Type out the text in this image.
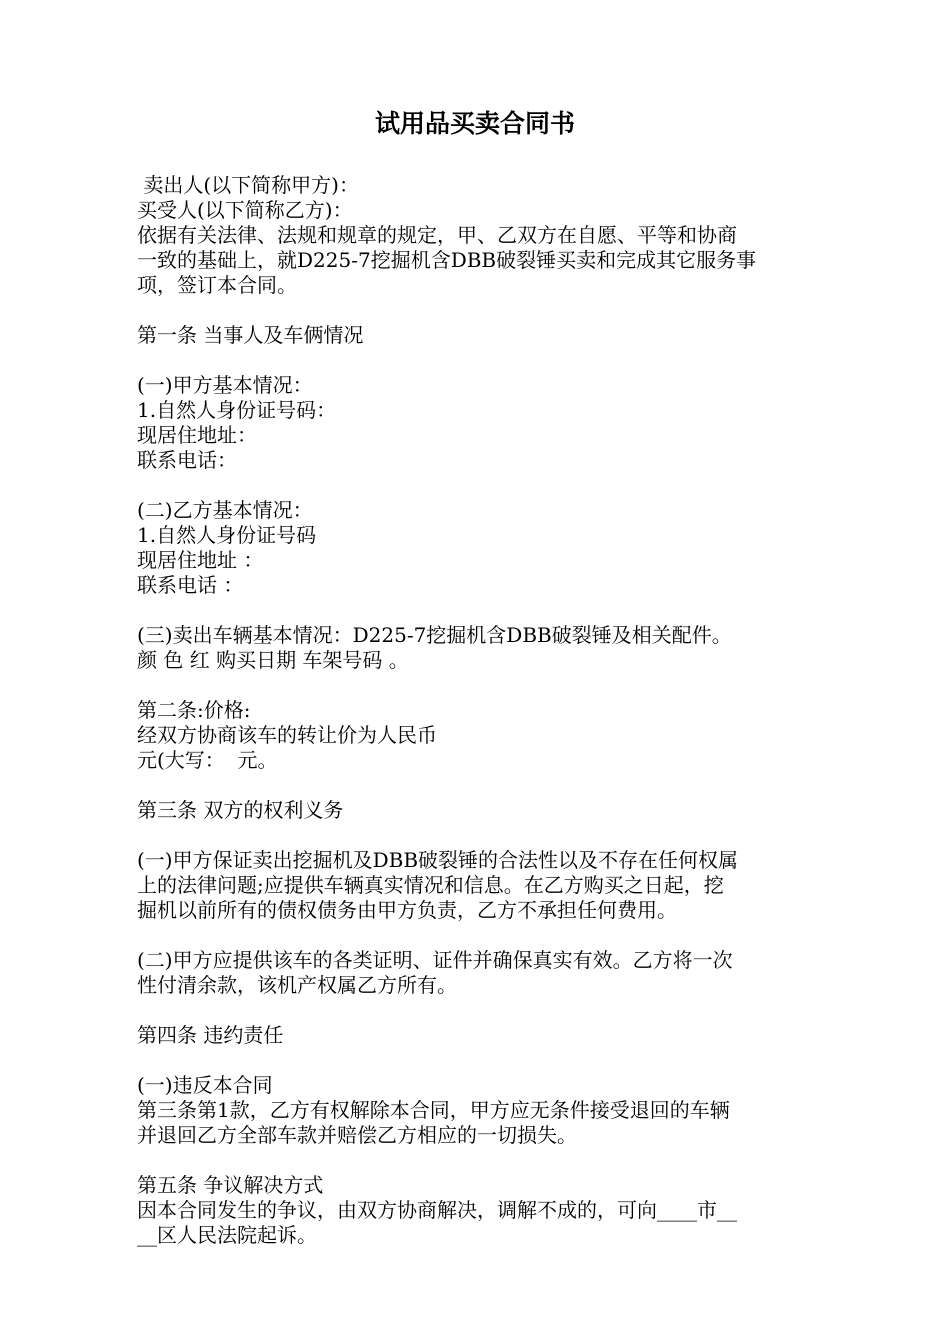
试用品买卖合同书
卖出人(以下简称甲方)：
买受人(以下简称乙方)：
依据有关法律、法规和规章的规定，甲、乙双方在自愿、平等和协商
一致的基础上，就D225-7挖掘机含DBB破裂锤买卖和完成其它服务事
项，签订本合同。
第一条 当事人及车俩情况
(一)甲方基本情况：
1.自然人身份证号码：
现居住地址：
联系电话：
(二)乙方基本情况：
1.自然人身份证号码
现居住地址 ：
联系电话 ：
(三)卖出车辆基本情况：D225-7挖掘机含DBB破裂锤及相关配件。
颜 色 红 购买日期 车架号码 。
第二条:价格:
经双方协商该车的转让价为人民币
元(大写：  元。
第三条 双方的权利义务
(一)甲方保证卖出挖掘机及DBB破裂锤的合法性以及不存在任何权属
上的法律问题;应提供车辆真实情况和信息。在乙方购买之日起，挖
掘机以前所有的债权债务由甲方负责，乙方不承担任何费用。
(二)甲方应提供该车的各类证明、证件并确保真实有效。乙方将一次
性付清余款，该机产权属乙方所有。
第四条 违约责任
(一)违反本合同
第三条第1款，乙方有权解除本合同，甲方应无条件接受退回的车辆
并退回乙方全部车款并赔偿乙方相应的一切损失。
第五条 争议解决方式
因本合同发生的争议，由双方协商解决，调解不成的，可向____市__
__区人民法院起诉。
